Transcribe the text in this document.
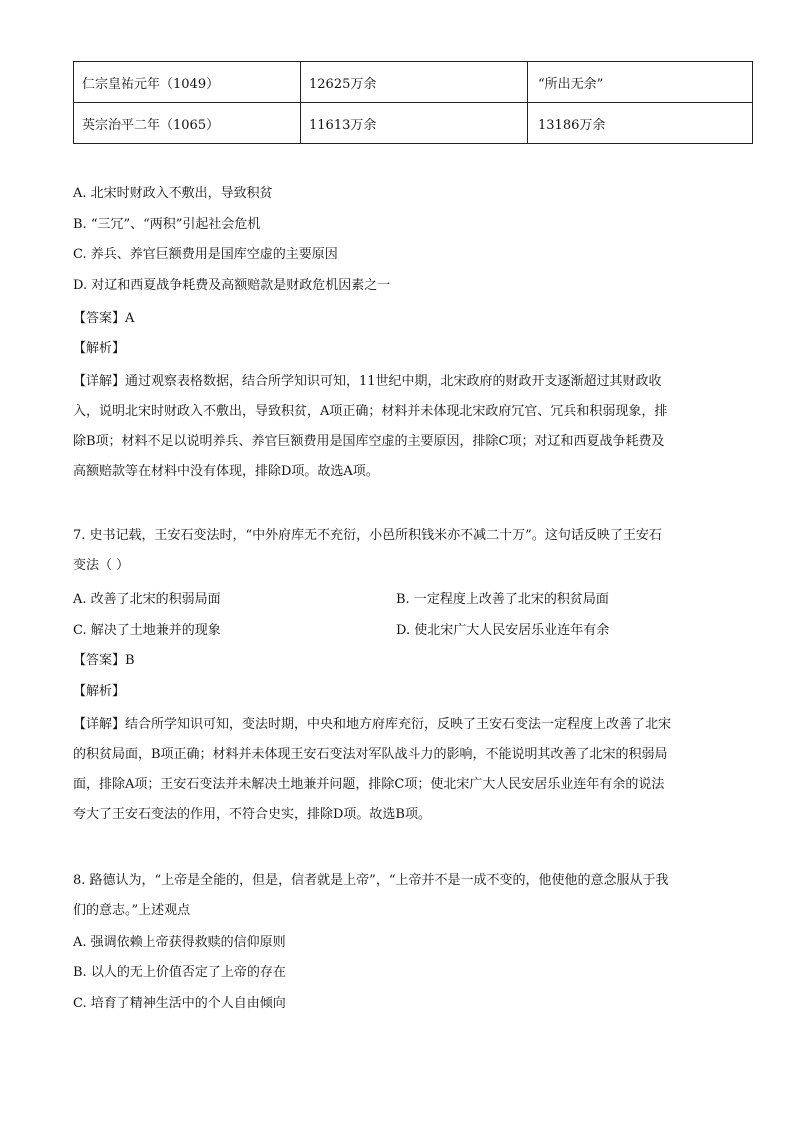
仁宗皇祐元年（1049）	12625万余	“所出无余”
英宗治平二年（1065）	11613万余	13186万余
A. 北宋时财政入不敷出，导致积贫
B. “三冗”、“两积”引起社会危机
C. 养兵、养官巨额费用是国库空虚的主要原因
D. 对辽和西夏战争耗费及高额赔款是财政危机因素之一
【答案】A
【解析】
【详解】通过观察表格数据，结合所学知识可知，11世纪中期，北宋政府的财政开支逐渐超过其财政收
入，说明北宋时财政入不敷出，导致积贫，A项正确；材料并未体现北宋政府冗官、冗兵和积弱现象，排
除B项；材料不足以说明养兵、养官巨额费用是国库空虚的主要原因，排除C项；对辽和西夏战争耗费及
高额赔款等在材料中没有体现，排除D项。故选A项。
7. 史书记载，王安石变法时，“中外府库无不充衍，小邑所积钱米亦不减二十万”。这句话反映了王安石
变法（ ）
A. 改善了北宋的积弱局面	B. 一定程度上改善了北宋的积贫局面
C. 解决了土地兼并的现象	D. 使北宋广大人民安居乐业连年有余
【答案】B
【解析】
【详解】结合所学知识可知，变法时期，中央和地方府库充衍，反映了王安石变法一定程度上改善了北宋
的积贫局面，B项正确；材料并未体现王安石变法对军队战斗力的影响，不能说明其改善了北宋的积弱局
面，排除A项；王安石变法并未解决土地兼并问题，排除C项；使北宋广大人民安居乐业连年有余的说法
夸大了王安石变法的作用，不符合史实，排除D项。故选B项。
8. 路德认为，“上帝是全能的，但是，信者就是上帝”，“上帝并不是一成不变的，他使他的意念服从于我
们的意志。”上述观点
A. 强调依赖上帝获得救赎的信仰原则
B. 以人的无上价值否定了上帝的存在
C. 培育了精神生活中的个人自由倾向
